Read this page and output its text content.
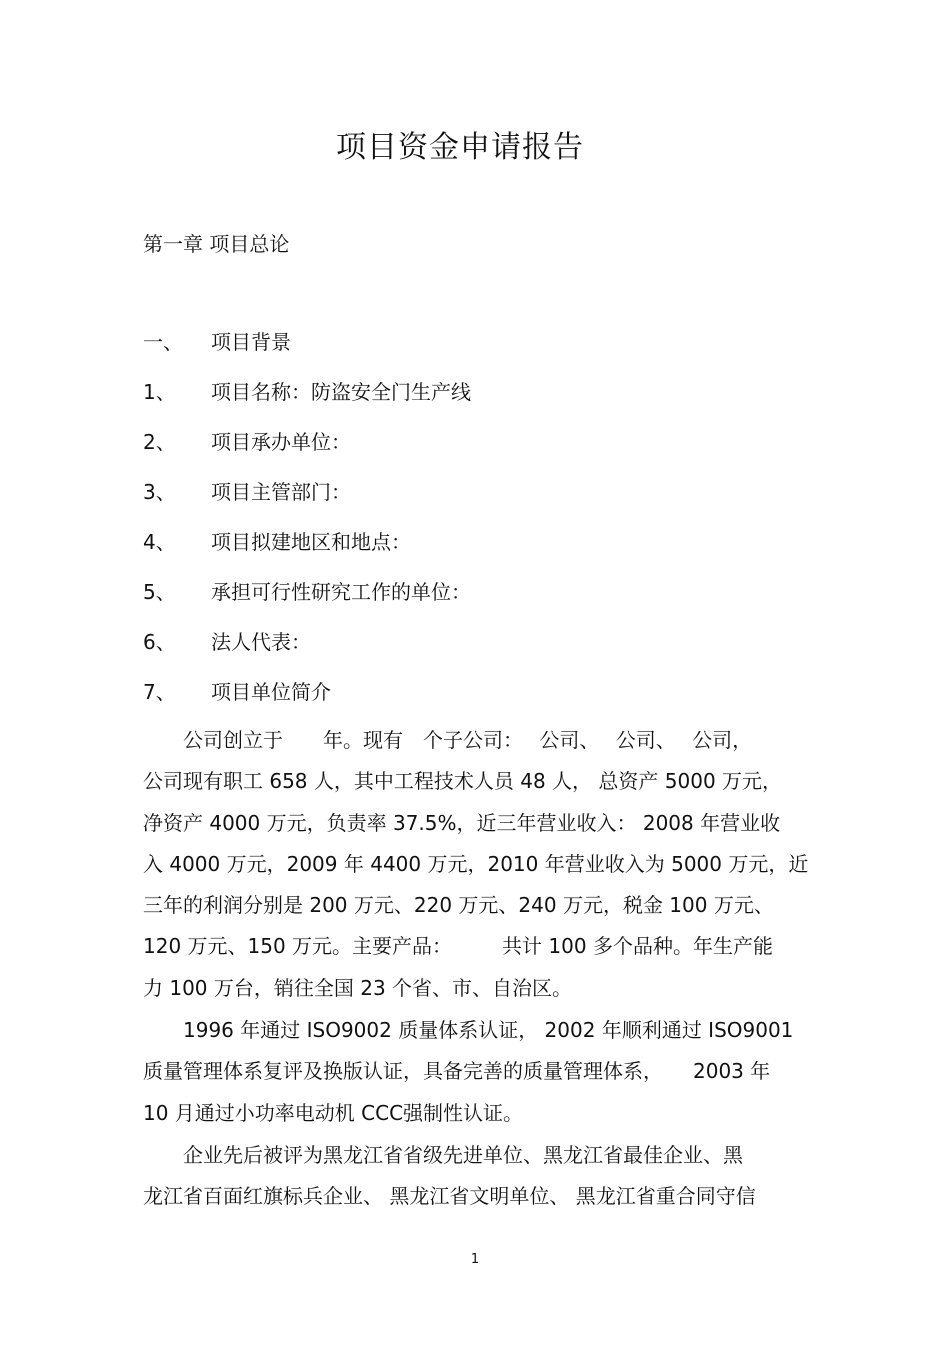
项目资金申请报告
第一章 项目总论
一、 项目背景
1、 项目名称：防盗安全门生产线
2、 项目承办单位：
3、 项目主管部门：
4、 项目拟建地区和地点：
5、 承担可行性研究工作的单位：
6、 法人代表：
7、 项目单位简介
　　公司创立于　　年。现有　个子公司：　 公司、　 公司、　 公司，
公司现有职工 658 人，其中工程技术人员 48 人， 总资产 5000 万元，
净资产 4000 万元，负责率 37.5%，近三年营业收入： 2008 年营业收
入 4000 万元，2009 年 4400 万元，2010 年营业收入为 5000 万元，近
三年的利润分别是 200 万元、220 万元、240 万元，税金 100 万元、
120 万元、150 万元。主要产品：　　　共计 100 多个品种。年生产能
力 100 万台，销往全国 23 个省、市、自治区。
　　1996 年通过 ISO9002 质量体系认证， 2002 年顺利通过 ISO9001
质量管理体系复评及换版认证，具备完善的质量管理体系，　　2003 年
10 月通过小功率电动机 CCC强制性认证。
　　企业先后被评为黑龙江省省级先进单位、黑龙江省最佳企业、黑
龙江省百面红旗标兵企业、 黑龙江省文明单位、 黑龙江省重合同守信
1
